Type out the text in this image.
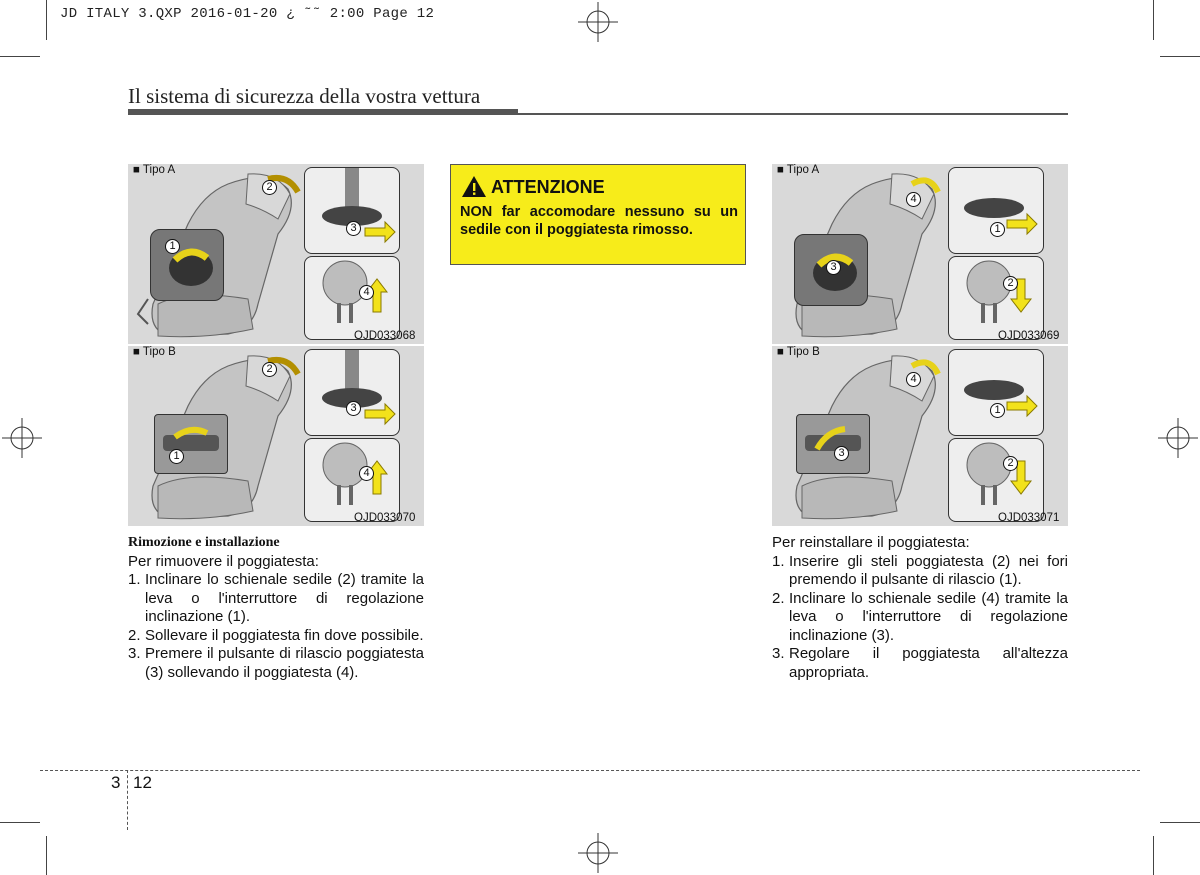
JD ITALY 3.QXP 2016-01-20 ¿ ˜˜ 2:00 Page 12
Il sistema di sicurezza della vostra vettura
■ Tipo A
OJD033068
1
2
3
4
■ Tipo B
OJD033070
1
2
3
4
ATTENZIONE
NON far accomodare nessuno su un sedile con il poggiatesta rimosso.
■ Tipo A
OJD033069
1
2
3
4
■ Tipo B
OJD033071
1
2
3
4
Rimozione e installazione
Per rimuovere il poggiatesta:
1. Inclinare lo schienale sedile (2) tramite la leva o l'interruttore di regolazione inclinazione (1).
2. Sollevare il poggiatesta fin dove possibile.
3. Premere il pulsante di rilascio poggiatesta (3) sollevando il poggiatesta (4).
Per reinstallare il poggiatesta:
1. Inserire gli steli poggiatesta (2) nei fori premendo il pulsante di rilascio (1).
2. Inclinare lo schienale sedile (4) tramite la leva o l'interruttore di regolazione inclinazione (3).
3. Regolare il poggiatesta all'altezza appropriata.
3 12
